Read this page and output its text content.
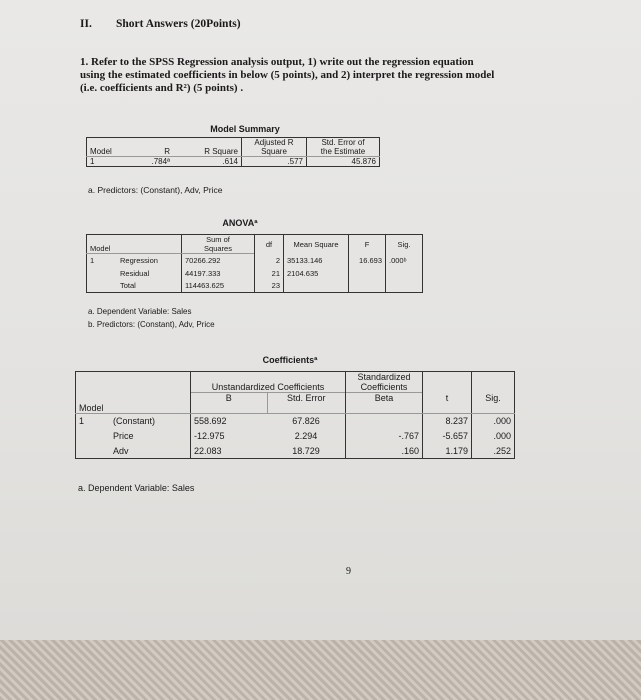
II. Short Answers (20Points)

1. Refer to the SPSS Regression analysis output, 1) write out the regression equation

using the estimated coefficients in below (5 points), and 2) interpret the regression model

(i.e. coefficients and R²) (5 points) .

Model Summary
			Adjusted R	Std. Error of
Model	R	R Square	Square	the Estimate
1	.784ª	.614	.577	45.876
a. Predictors: (Constant), Adv, Price
ANOVAª
		Sum of	df	Mean Square	F	Sig.
Model		Squares				
1	Regression	70266.292	2	35133.146	16.693	.000ᵇ
	Residual	44197.333	21	2104.635		
	Total	114463.625	23			
a. Dependent Variable: Sales
b. Predictors: (Constant), Adv, Price
Coefficientsª
				Standardized		
		Unstandardized Coefficients		Coefficients		
		B	Std. Error	Beta	t	Sig.
Model						
1	(Constant)	558.692	67.826		8.237	.000
	Price	-12.975	2.294	-.767	-5.657	.000
	Adv	22.083	18.729	.160	1.179	.252
a. Dependent Variable: Sales
9
